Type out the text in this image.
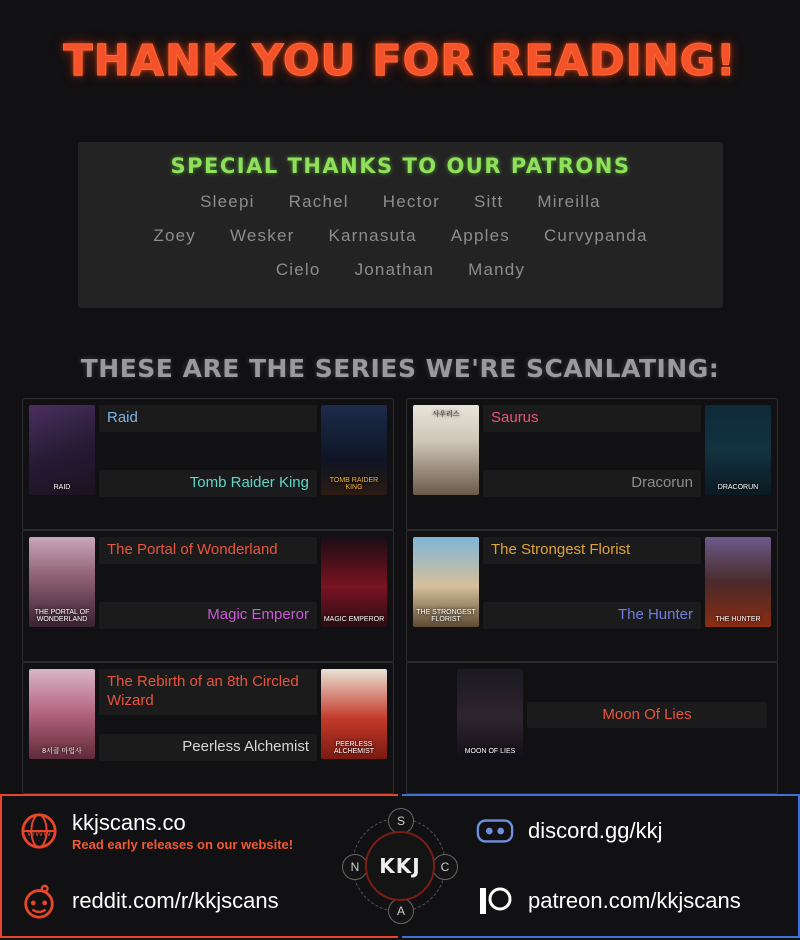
THANK YOU FOR READING!
SPECIAL THANKS TO OUR PATRONS
Sleepi Rachel Hector Sitt Mireilla
Zoey Wesker Karnasuta Apples Curvypanda
Cielo Jonathan Mandy
THESE ARE THE SERIES WE'RE SCANLATING:
RAID
Raid
Tomb Raider King	TOMB RAIDER KING
사우러스	Saurus
Dracorun	DRACORUN
THE PORTAL OF WONDERLAND
The Portal of Wonderland
Magic Emperor	MAGIC EMPEROR
THE STRONGEST FLORIST
The Strongest Florist
The Hunter	THE HUNTER
8서클 마법사
The Rebirth of an 8th Circled Wizard
Peerless Alchemist	PEERLESS ALCHEMIST	MOON OF LIES
Moon Of Lies
WWW kkjscans.co
Read early releases on our website!
discord.gg/kkj
reddit.com/r/kkjscans	patreon.com/kkjscans
S
C
A
N KKJ
